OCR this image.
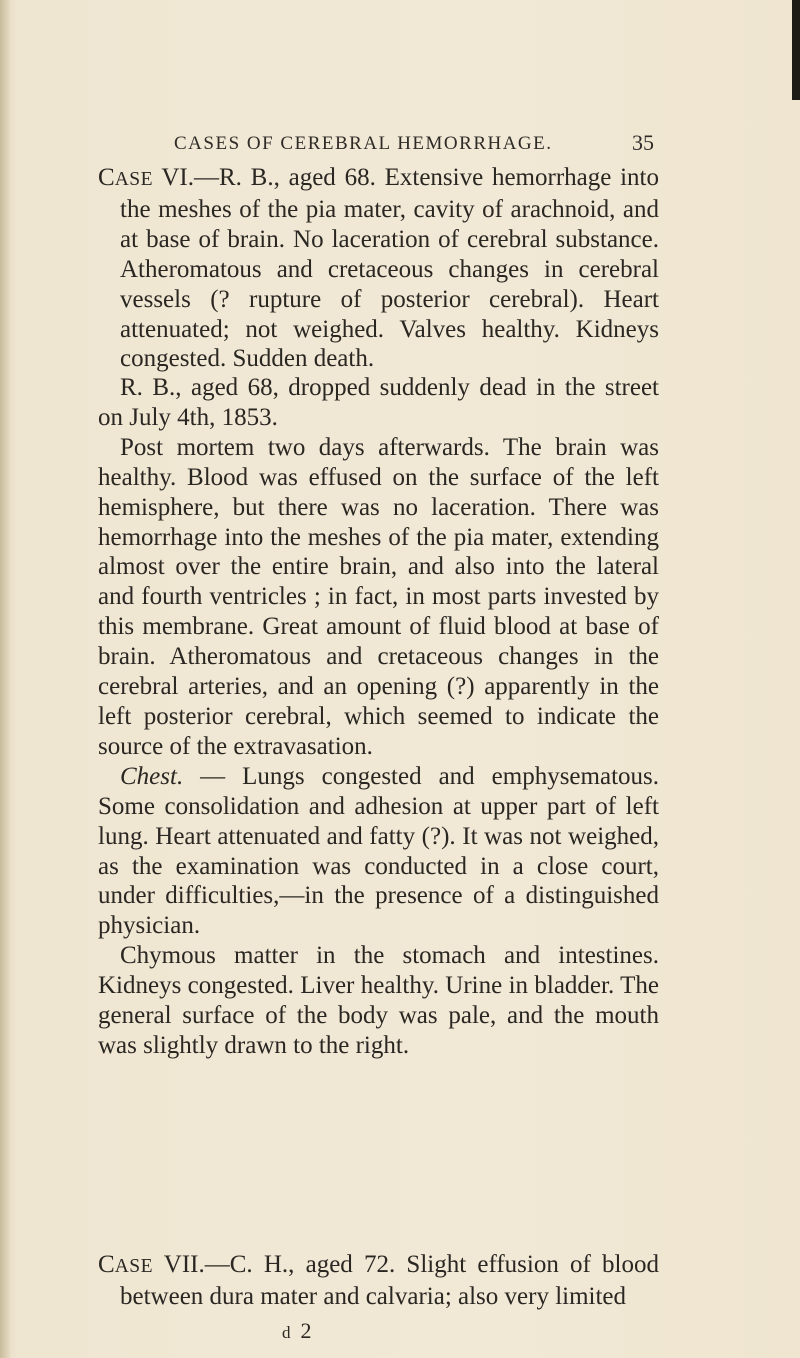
CASES OF CEREBRAL HEMORRHAGE.	35

CASE VI.—R. B., aged 68. Extensive hemorrhage into the meshes of the pia mater, cavity of arachnoid, and at base of brain. No laceration of cerebral substance. Atheromatous and cretaceous changes in cerebral vessels (? rupture of posterior cerebral). Heart attenuated; not weighed. Valves healthy. Kidneys congested. Sudden death.

R. B., aged 68, dropped suddenly dead in the street on July 4th, 1853.

Post mortem two days afterwards. The brain was healthy. Blood was effused on the surface of the left hemisphere, but there was no laceration. There was hemorrhage into the meshes of the pia mater, extending almost over the entire brain, and also into the lateral and fourth ventricles ; in fact, in most parts invested by this membrane. Great amount of fluid blood at base of brain. Atheromatous and cretaceous changes in the cerebral arteries, and an opening (?) apparently in the left posterior cerebral, which seemed to indicate the source of the extravasation.

Chest. — Lungs congested and emphysematous. Some consolidation and adhesion at upper part of left lung. Heart attenuated and fatty (?). It was not weighed, as the examination was conducted in a close court, under difficulties,—in the presence of a distinguished physician.

Chymous matter in the stomach and intestines. Kidneys congested. Liver healthy. Urine in bladder. The general surface of the body was pale, and the mouth was slightly drawn to the right.

CASE VII.—C. H., aged 72. Slight effusion of blood between dura mater and calvaria; also very limited

d 2
